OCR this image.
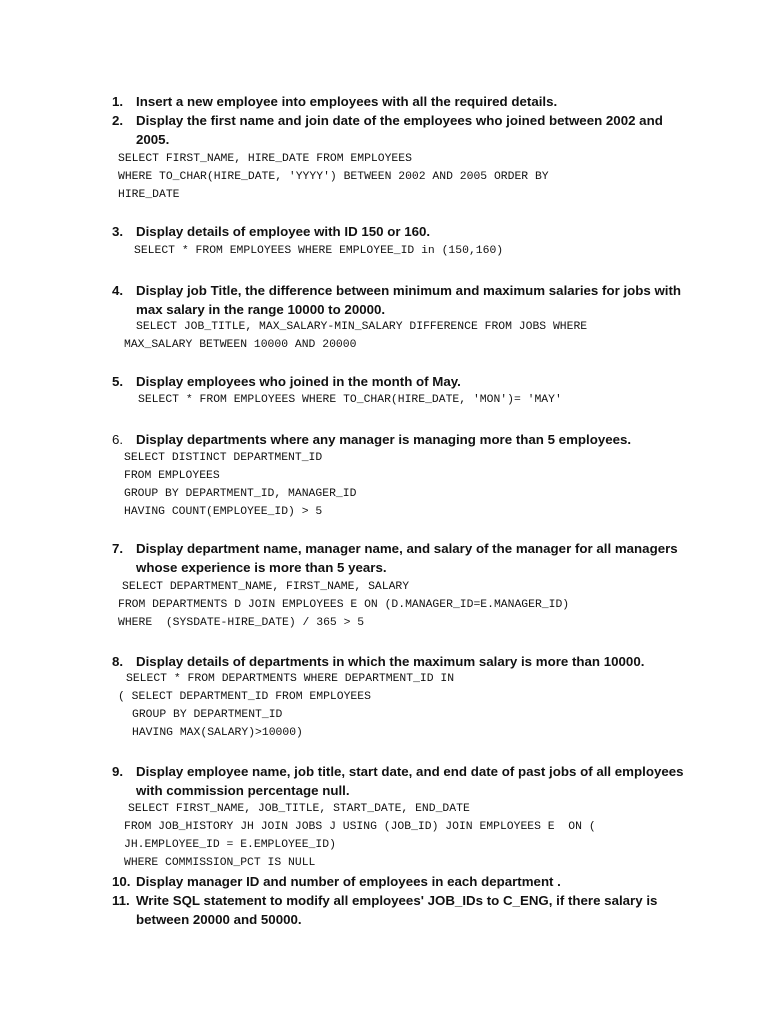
1. Insert a new employee into employees with all the required details.
2. Display the first name and join date of the employees who joined between 2002 and 2005.
SELECT FIRST_NAME, HIRE_DATE FROM EMPLOYEES
WHERE TO_CHAR(HIRE_DATE, 'YYYY') BETWEEN 2002 AND 2005 ORDER BY
HIRE_DATE
3. Display details of employee with ID 150 or 160.
SELECT * FROM EMPLOYEES WHERE EMPLOYEE_ID in (150,160)
4. Display job Title, the difference between minimum and maximum salaries for jobs with max salary in the range 10000 to 20000.
SELECT JOB_TITLE, MAX_SALARY-MIN_SALARY DIFFERENCE FROM JOBS WHERE
MAX_SALARY BETWEEN 10000 AND 20000
5. Display employees who joined in the month of May.
SELECT * FROM EMPLOYEES WHERE TO_CHAR(HIRE_DATE, 'MON')= 'MAY'
6. Display departments where any manager is managing more than 5 employees.
SELECT DISTINCT DEPARTMENT_ID
FROM EMPLOYEES
GROUP BY DEPARTMENT_ID, MANAGER_ID
HAVING COUNT(EMPLOYEE_ID) > 5
7. Display department name, manager name, and salary of the manager for all managers whose experience is more than 5 years.
SELECT DEPARTMENT_NAME, FIRST_NAME, SALARY
FROM DEPARTMENTS D JOIN EMPLOYEES E ON (D.MANAGER_ID=E.MANAGER_ID)
WHERE  (SYSDATE-HIRE_DATE) / 365 > 5
8. Display details of departments in which the maximum salary is more than 10000.
SELECT * FROM DEPARTMENTS WHERE DEPARTMENT_ID IN
( SELECT DEPARTMENT_ID FROM EMPLOYEES
GROUP BY DEPARTMENT_ID
HAVING MAX(SALARY)>10000)
9. Display employee name, job title, start date, and end date of past jobs of all employees with commission percentage null.
SELECT FIRST_NAME, JOB_TITLE, START_DATE, END_DATE
FROM JOB_HISTORY JH JOIN JOBS J USING (JOB_ID) JOIN EMPLOYEES E  ON (
JH.EMPLOYEE_ID = E.EMPLOYEE_ID)
WHERE COMMISSION_PCT IS NULL
10. Display manager ID and number of employees in each department .
11. Write SQL statement to modify all employees' JOB_IDs to C_ENG, if there salary is between 20000 and 50000.
